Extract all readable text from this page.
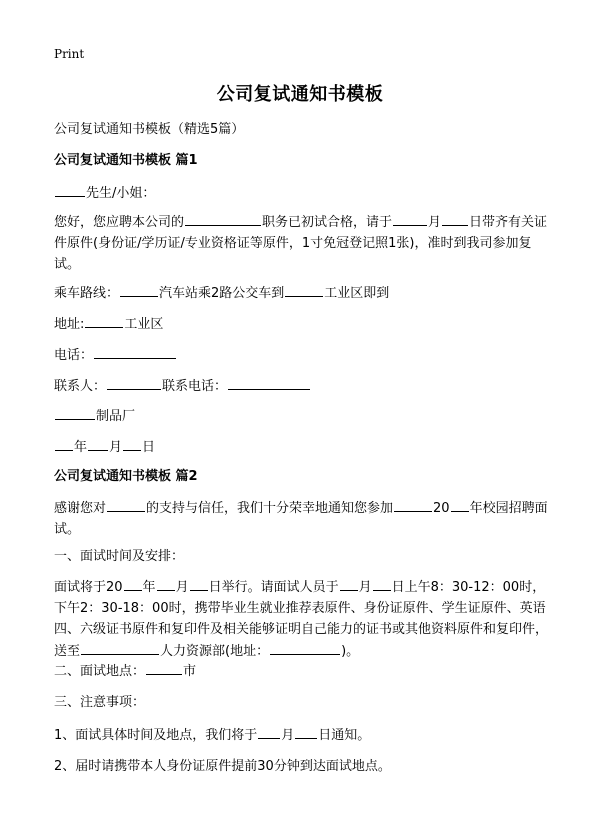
Print
公司复试通知书模板
公司复试通知书模板（精选5篇）
公司复试通知书模板 篇1
先生/小姐：
您好，您应聘本公司的	职务已初试合格，请于	月 日带齐有关证件原件(身份证/学历证/专业资格证等原件，1寸免冠登记照1张)，准时到我司参加复试。
乘车路线：	汽车站乘2路公交车到	工业区即到
地址:	工业区
电话：
联系人：	联系电话：
制品厂
年 月 日
公司复试通知书模板 篇2
感谢您对	的支持与信任，我们十分荣幸地通知您参加	20 年校园招聘面试。
一、面试时间及安排：
面试将于20 年 月 日举行。请面试人员于 月 日上午8：30-12：00时，下午2：30-18：00时，携带毕业生就业推荐表原件、身份证原件、学生证原件、英语四、六级证书原件和复印件及相关能够证明自己能力的证书或其他资料原件和复印件，送至	人力资源部(地址：	)。
二、面试地点：	市
三、注意事项：
1、面试具体时间及地点，我们将于 月 日通知。
2、届时请携带本人身份证原件提前30分钟到达面试地点。
